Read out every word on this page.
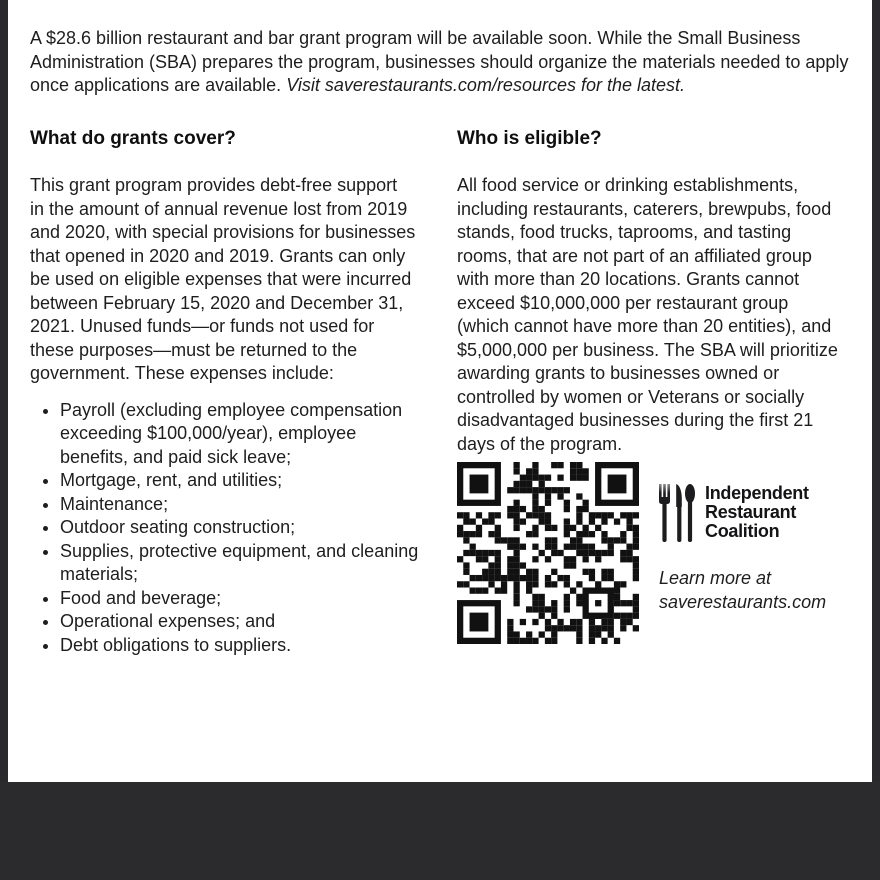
A $28.6 billion restaurant and bar grant program will be available soon. While the Small Business
Administration (SBA) prepares the program, businesses should organize the materials needed to apply
once applications are available. Visit saverestaurants.com/resources for the latest.
What do grants cover?
This grant program provides debt-free support
in the amount of annual revenue lost from 2019
and 2020, with special provisions for businesses
that opened in 2020 and 2019. Grants can only
be used on eligible expenses that were incurred
between February 15, 2020 and December 31,
2021. Unused funds—or funds not used for
these purposes—must be returned to the
government. These expenses include:
• Payroll (excluding employee compensation exceeding $100,000/year), employee benefits, and paid sick leave;
• Mortgage, rent, and utilities;
• Maintenance;
• Outdoor seating construction;
• Supplies, protective equipment, and cleaning materials;
• Food and beverage;
• Operational expenses; and
• Debt obligations to suppliers.
Who is eligible?
All food service or drinking establishments,
including restaurants, caterers, brewpubs, food
stands, food trucks, taprooms, and tasting
rooms, that are not part of an affiliated group
with more than 20 locations. Grants cannot
exceed $10,000,000 per restaurant group
(which cannot have more than 20 entities), and
$5,000,000 per business. The SBA will prioritize
awarding grants to businesses owned or
controlled by women or Veterans or socially
disadvantaged businesses during the first 21
days of the program.
Independent
Restaurant
Coalition
Learn more at
saverestaurants.com
